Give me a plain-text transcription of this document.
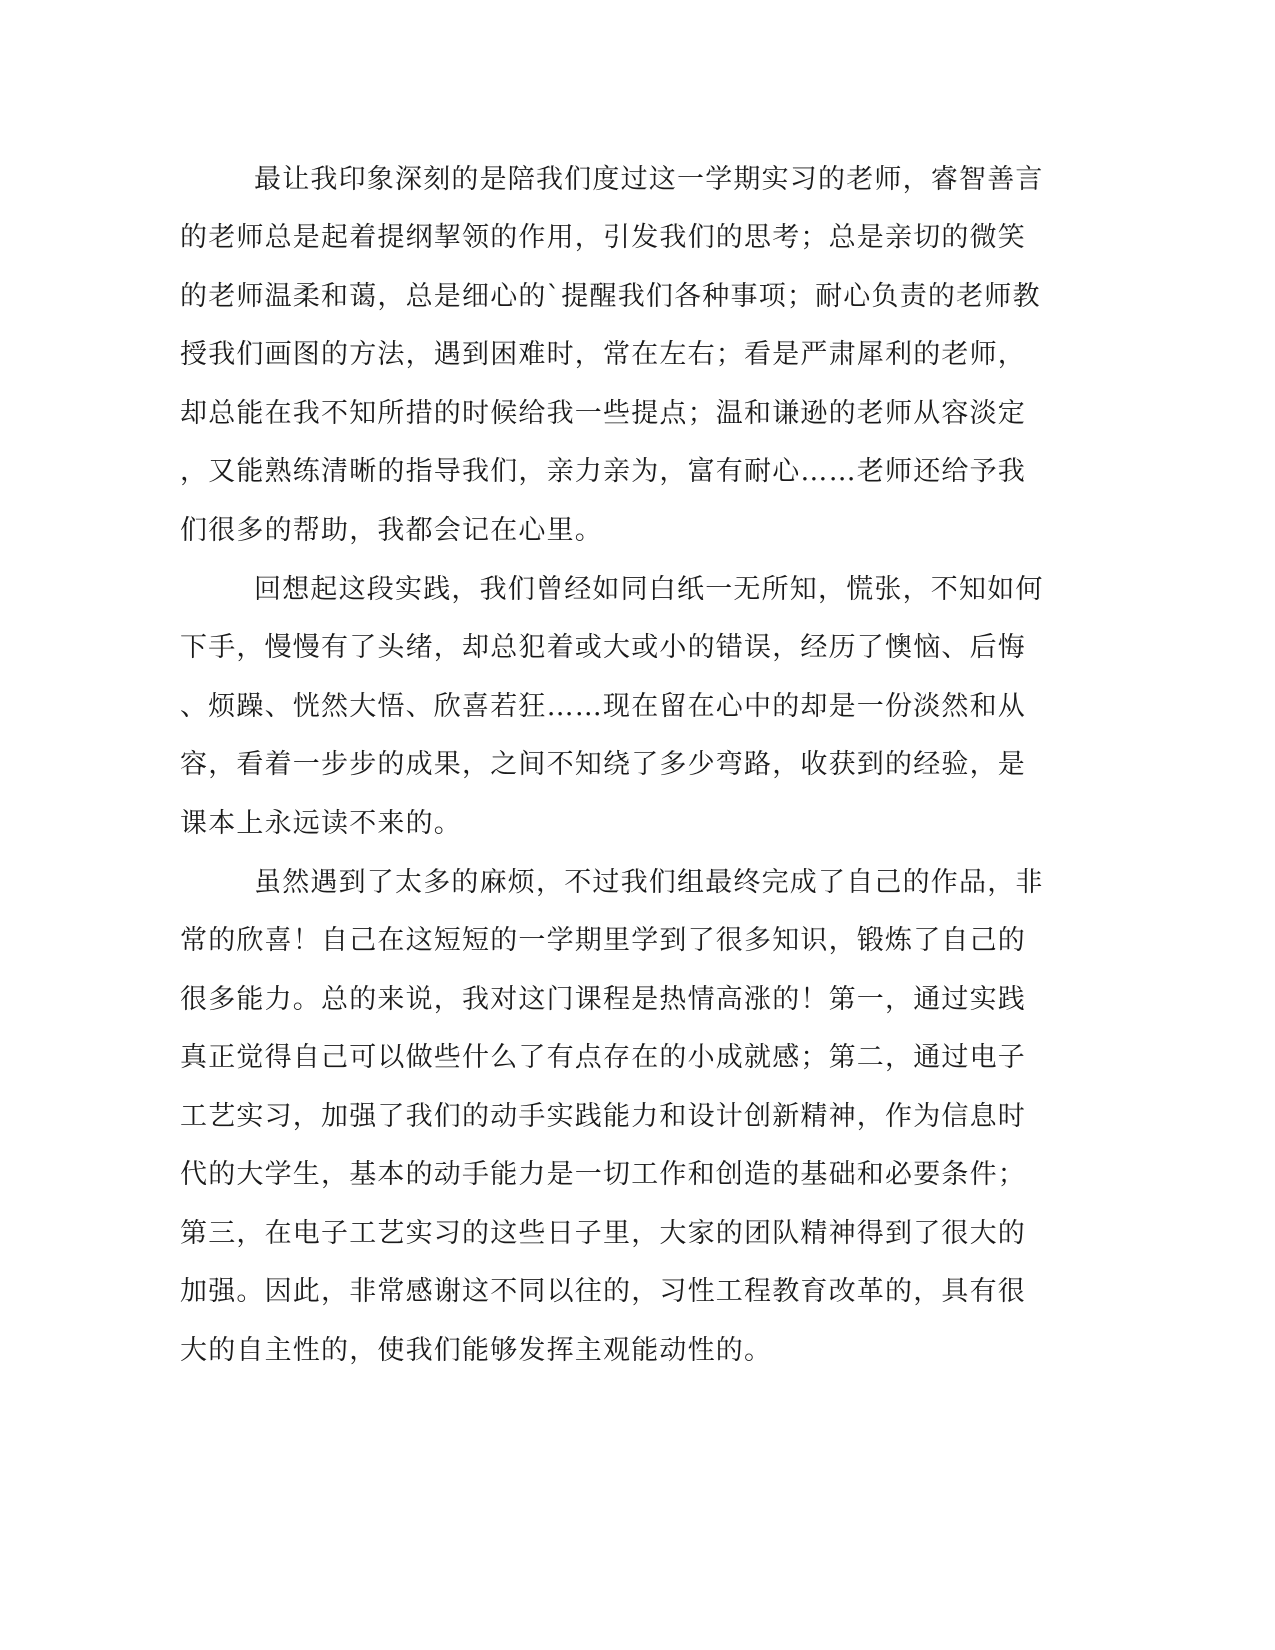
最让我印象深刻的是陪我们度过这一学期实习的老师，睿智善言
的老师总是起着提纲挈领的作用，引发我们的思考；总是亲切的微笑
的老师温柔和蔼，总是细心的`提醒我们各种事项；耐心负责的老师教
授我们画图的方法，遇到困难时，常在左右；看是严肃犀利的老师，
却总能在我不知所措的时候给我一些提点；温和谦逊的老师从容淡定
，又能熟练清晰的指导我们，亲力亲为，富有耐心……老师还给予我
们很多的帮助，我都会记在心里。
回想起这段实践，我们曾经如同白纸一无所知，慌张，不知如何
下手，慢慢有了头绪，却总犯着或大或小的错误，经历了懊恼、后悔
、烦躁、恍然大悟、欣喜若狂……现在留在心中的却是一份淡然和从
容，看着一步步的成果，之间不知绕了多少弯路，收获到的经验，是
课本上永远读不来的。
虽然遇到了太多的麻烦，不过我们组最终完成了自己的作品，非
常的欣喜！自己在这短短的一学期里学到了很多知识，锻炼了自己的
很多能力。总的来说，我对这门课程是热情高涨的！第一，通过实践
真正觉得自己可以做些什么了有点存在的小成就感；第二，通过电子
工艺实习，加强了我们的动手实践能力和设计创新精神，作为信息时
代的大学生，基本的动手能力是一切工作和创造的基础和必要条件；
第三，在电子工艺实习的这些日子里，大家的团队精神得到了很大的
加强。因此，非常感谢这不同以往的，习性工程教育改革的，具有很
大的自主性的，使我们能够发挥主观能动性的。
